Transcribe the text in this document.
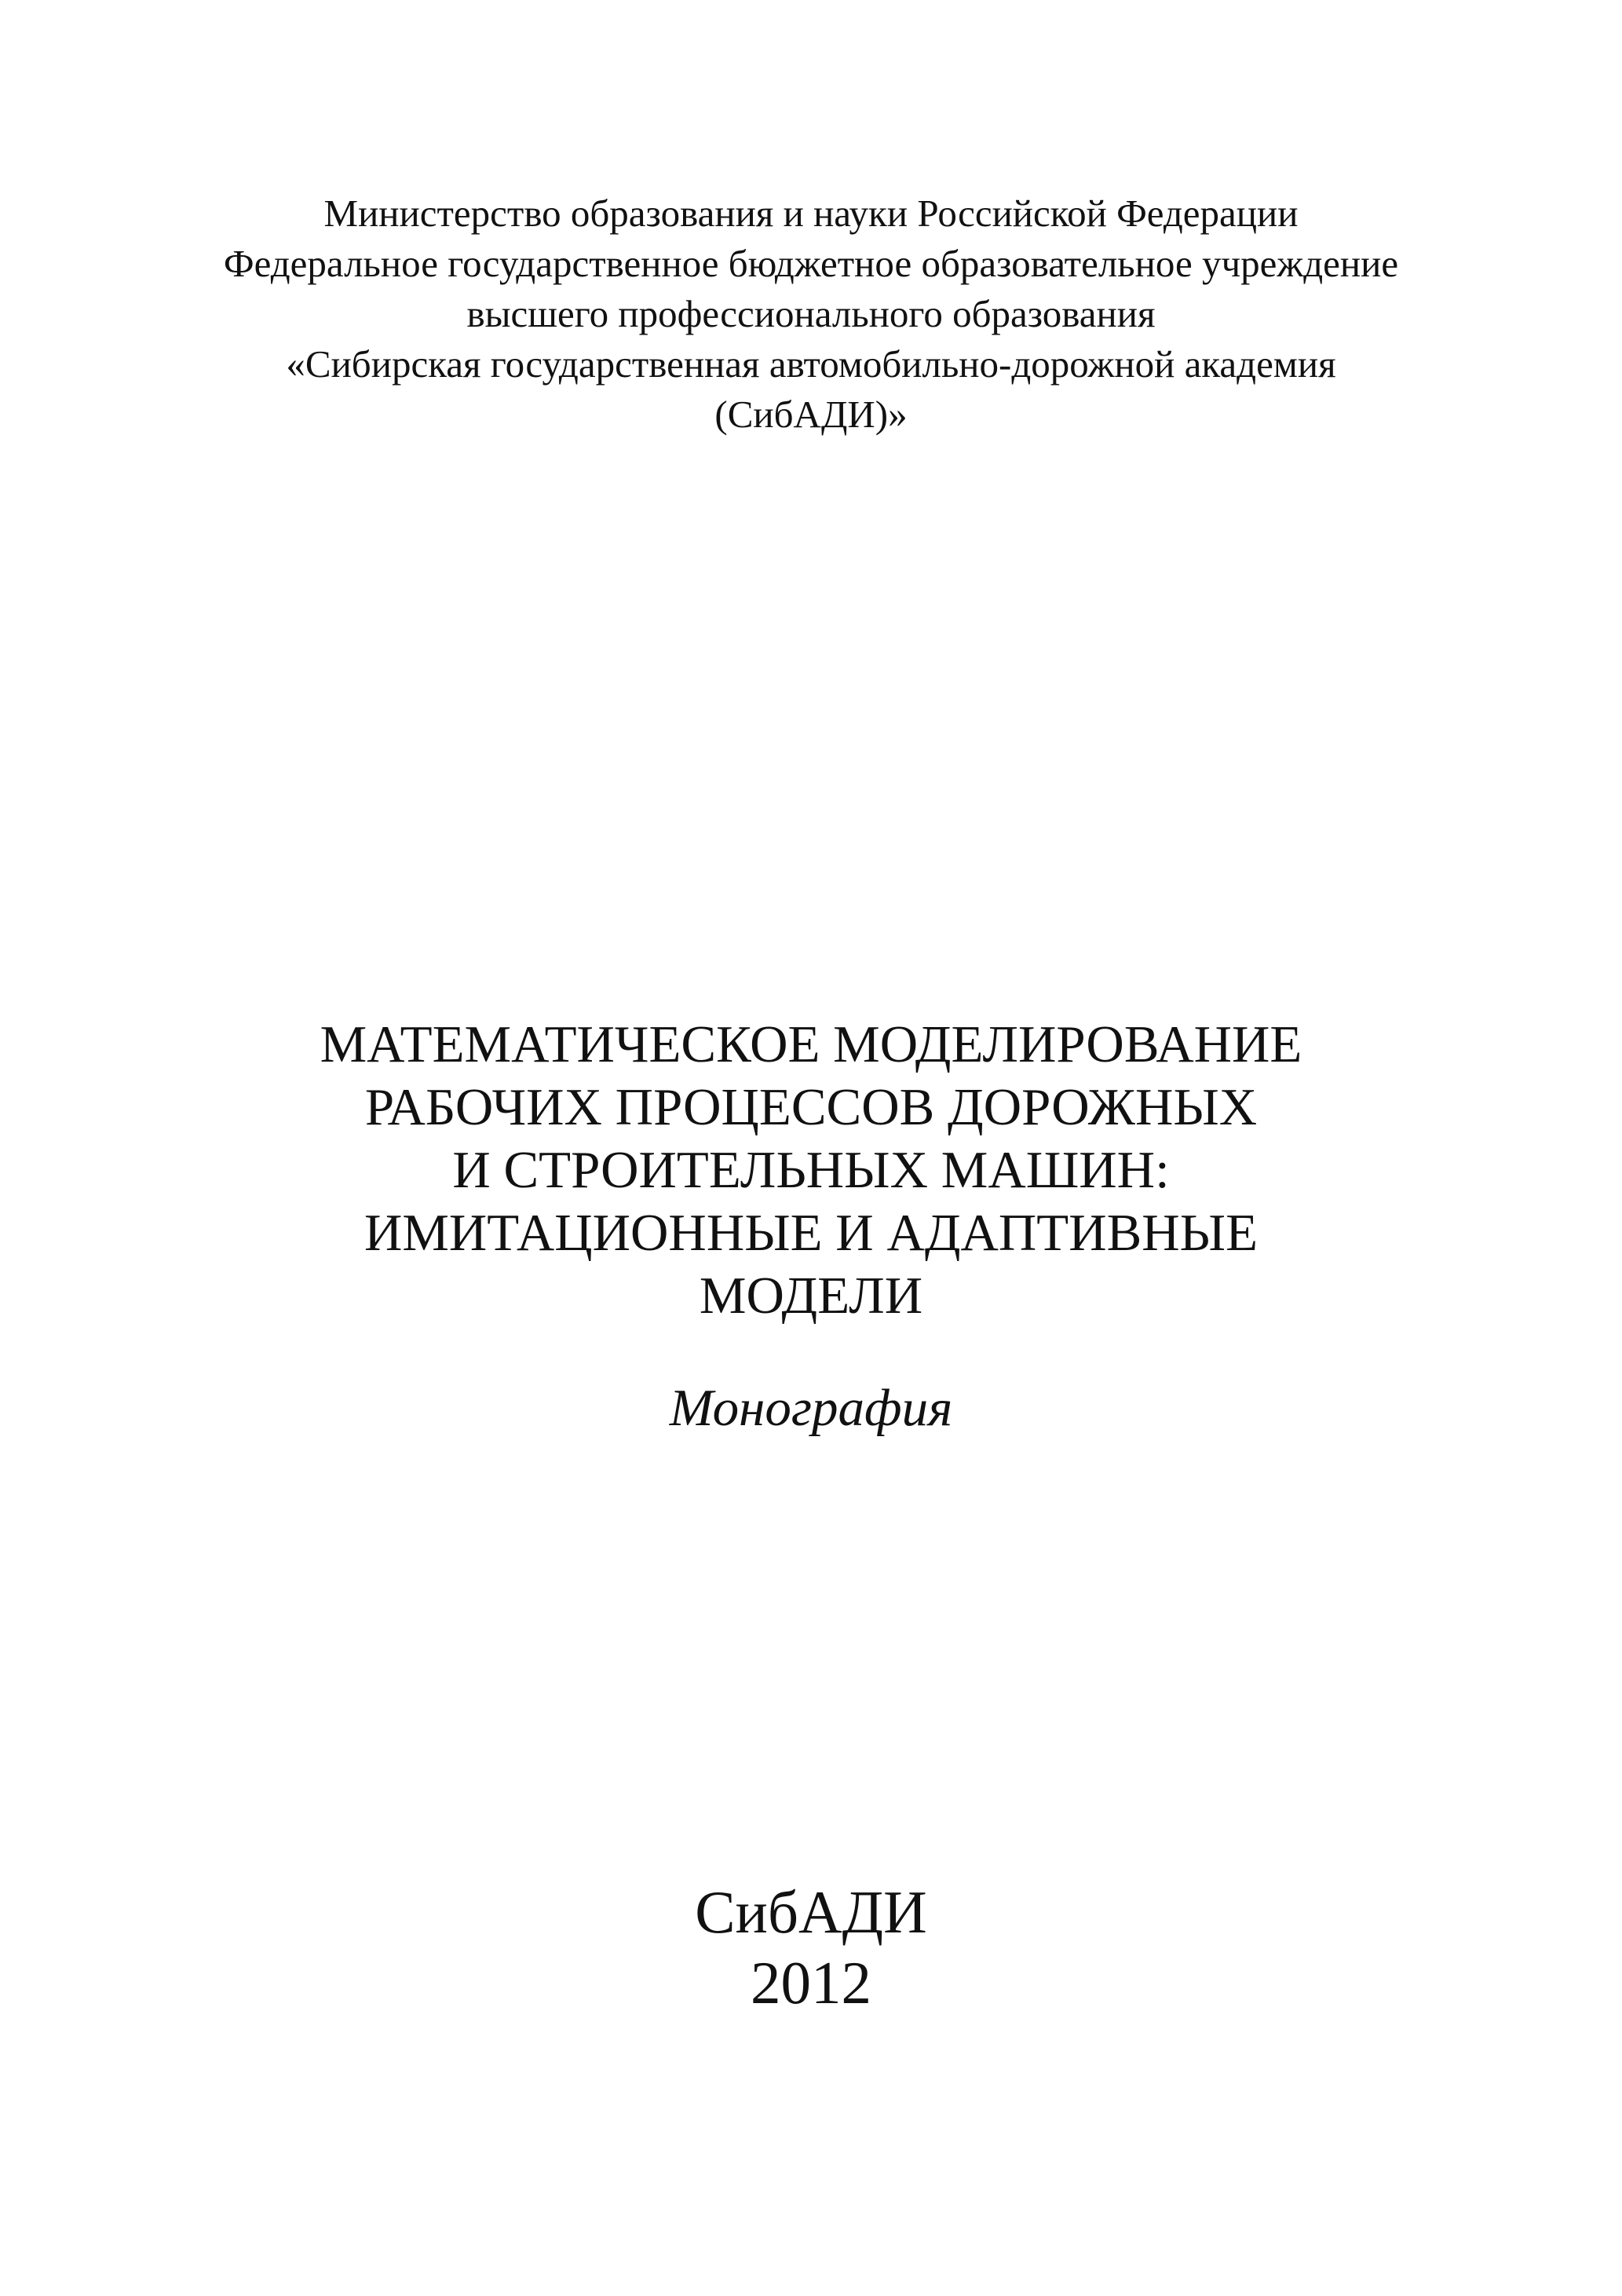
Министерство образования и науки Российской Федерации
Федеральное государственное бюджетное образовательное учреждение
высшего профессионального образования
«Сибирская государственная автомобильно-дорожной академия
(СибАДИ)»
МАТЕМАТИЧЕСКОЕ МОДЕЛИРОВАНИЕ
РАБОЧИХ ПРОЦЕССОВ ДОРОЖНЫХ
И СТРОИТЕЛЬНЫХ МАШИН:
ИМИТАЦИОННЫЕ И АДАПТИВНЫЕ
МОДЕЛИ
Монография
СибАДИ
2012
